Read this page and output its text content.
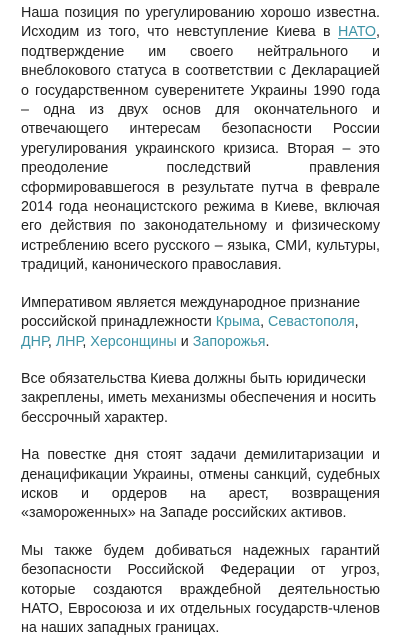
Наша позиция по урегулированию хорошо известна. Исходим из того, что невступление Киева в НАТО, подтверждение им своего нейтрального и внеблокового статуса в соответствии с Декларацией о государственном суверенитете Украины 1990 года – одна из двух основ для окончательного и отвечающего интересам безопасности России урегулирования украинского кризиса. Вторая – это преодоление последствий правления сформировавшегося в результате путча в феврале 2014 года неонацистского режима в Киеве, включая его действия по законодательному и физическому истреблению всего русского – языка, СМИ, культуры, традиций, канонического православия.

Императивом является международное признание российской принадлежности Крыма, Севастополя, ДНР, ЛНР, Херсонщины и Запорожья.

Все обязательства Киева должны быть юридически закреплены, иметь механизмы обеспечения и носить бессрочный характер.

На повестке дня стоят задачи демилитаризации и денацификации Украины, отмены санкций, судебных исков и ордеров на арест, возвращения «замороженных» на Западе российских активов.

Мы также будем добиваться надежных гарантий безопасности Российской Федерации от угроз, которые создаются враждебной деятельностью НАТО, Евросоюза и их отдельных государств-членов на наших западных границах.
